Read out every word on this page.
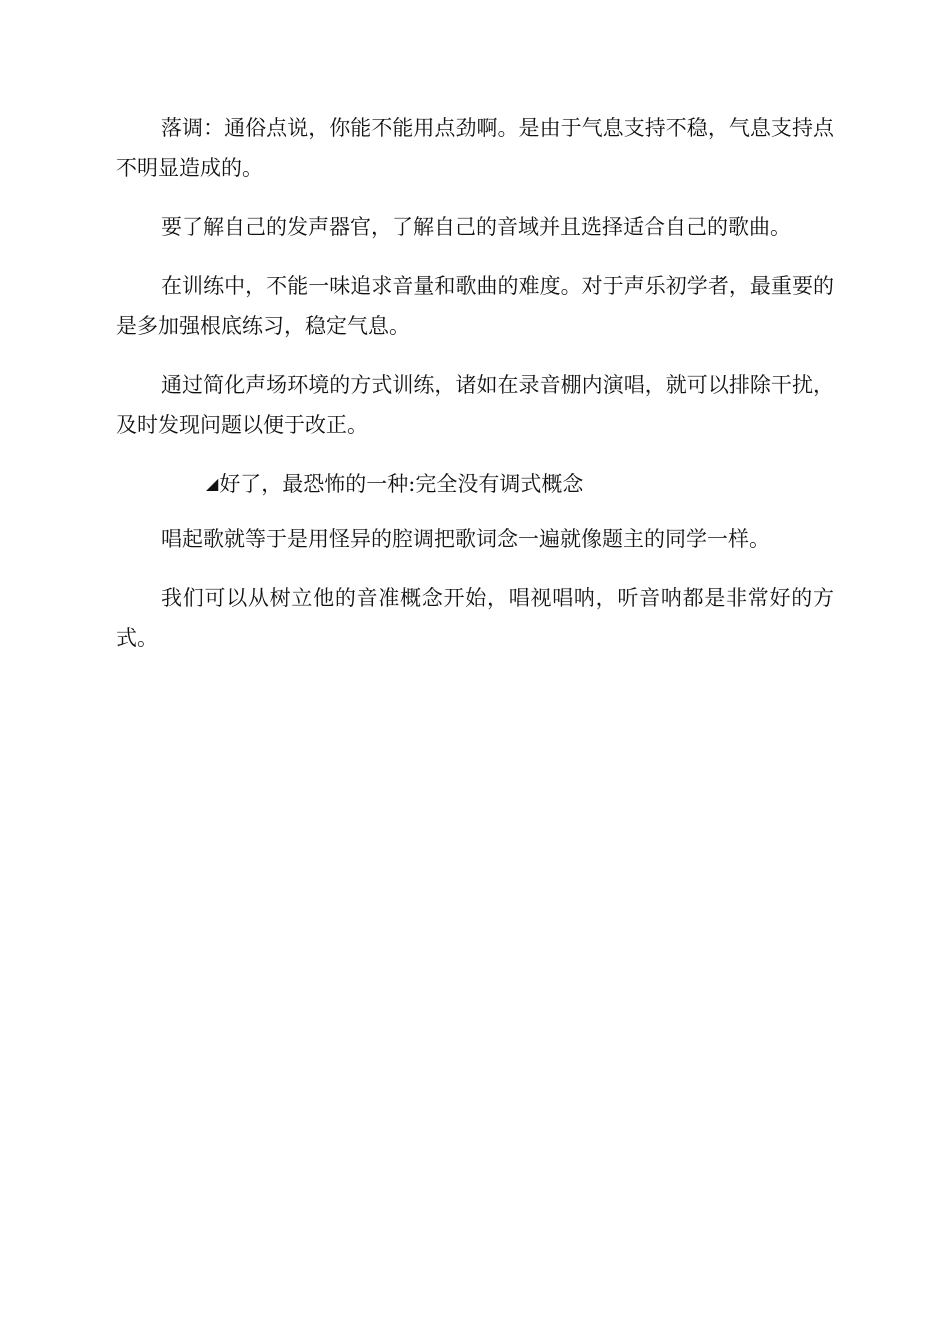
落调：通俗点说，你能不能用点劲啊。是由于气息支持不稳，气息支持点不明显造成的。

要了解自己的发声器官，了解自己的音域并且选择适合自己的歌曲。

在训练中，不能一味追求音量和歌曲的难度。对于声乐初学者，最重要的是多加强根底练习，稳定气息。

通过简化声场环境的方式训练，诸如在录音棚内演唱，就可以排除干扰，及时发现问题以便于改正。

◢好了，最恐怖的一种:完全没有调式概念

唱起歌就等于是用怪异的腔调把歌词念一遍就像题主的同学一样。

我们可以从树立他的音准概念开始，唱视唱呐，听音呐都是非常好的方式。
